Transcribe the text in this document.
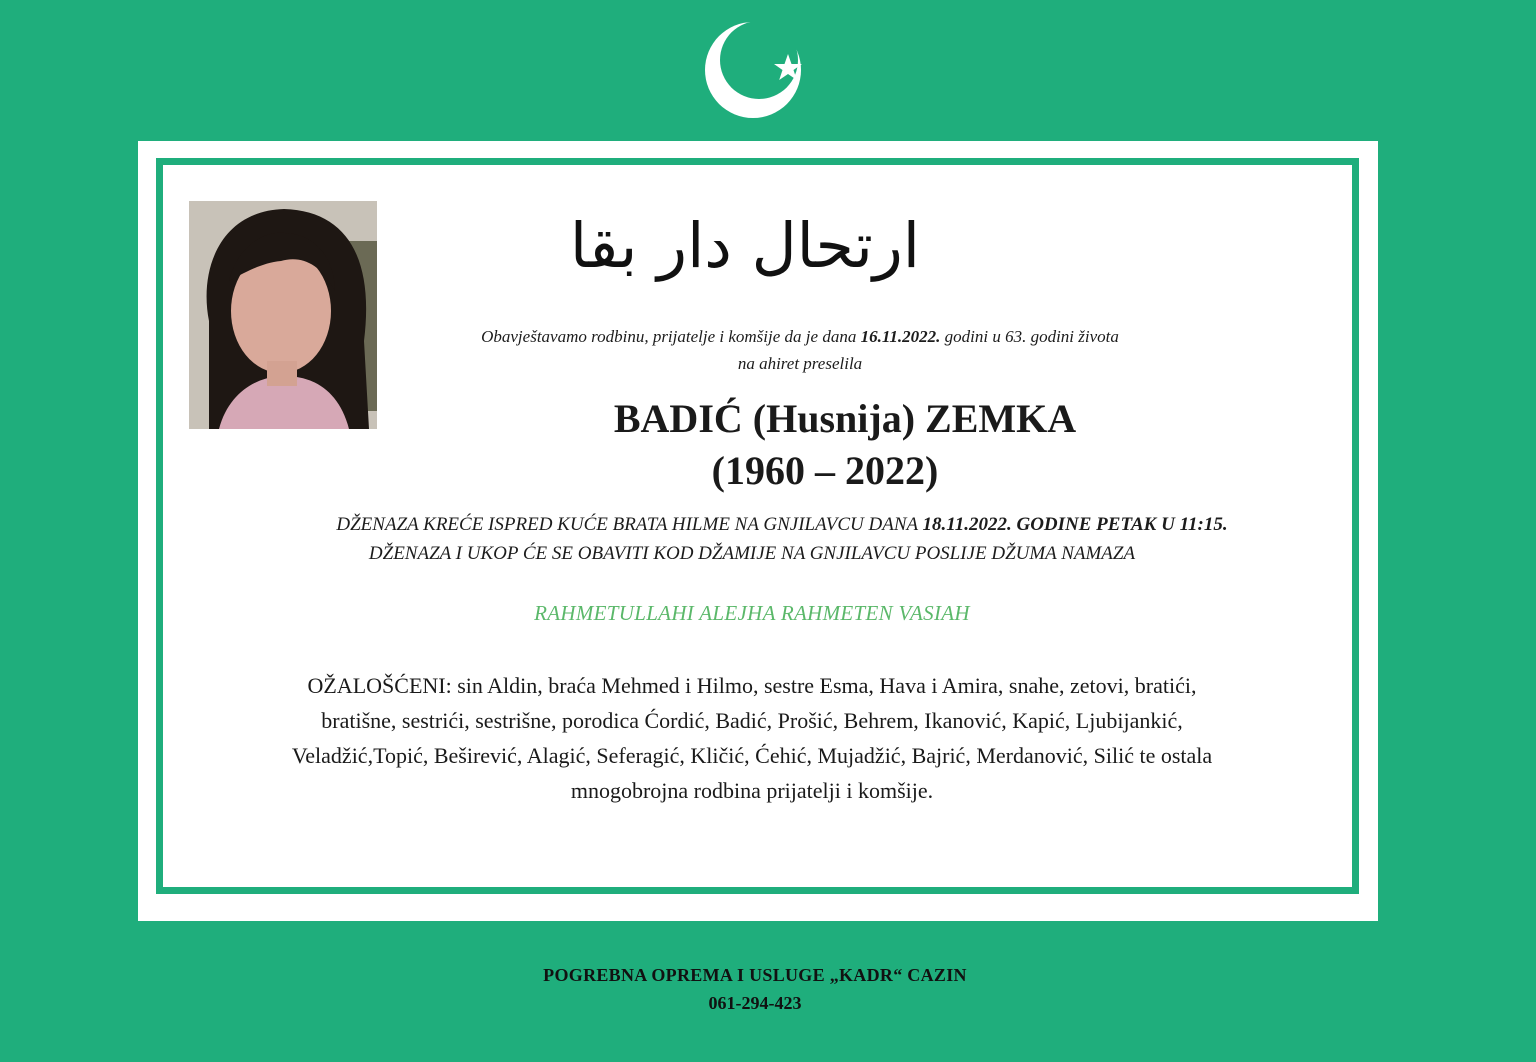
ارتحال دار بقا
Obavještavamo rodbinu, prijatelje i komšije da je dana 16.11.2022. godini u 63. godini života
na ahiret preselila
BADIĆ (Husnija) ZEMKA
(1960 – 2022)
DŽENAZA KREĆE ISPRED KUĆE BRATA HILME NA GNJILAVCU DANA 18.11.2022. GODINE PETAK U 11:15.
DŽENAZA I UKOP ĆE SE OBAVITI KOD DŽAMIJE NA GNJILAVCU POSLIJE DŽUMA NAMAZA
RAHMETULLAHI ALEJHA RAHMETEN VASIAH
OŽALOŠĆENI: sin Aldin, braća Mehmed i Hilmo, sestre Esma, Hava i Amira, snahe, zetovi, bratići,
bratišne, sestrići, sestrišne, porodica Ćordić, Badić, Prošić, Behrem, Ikanović, Kapić, Ljubijankić,
Veladžić,Topić, Beširević, Alagić, Seferagić, Kličić, Ćehić, Mujadžić, Bajrić, Merdanović, Silić te ostala
mnogobrojna rodbina prijatelji i komšije.
POGREBNA OPREMA I USLUGE „KADR“ CAZIN
061-294-423
